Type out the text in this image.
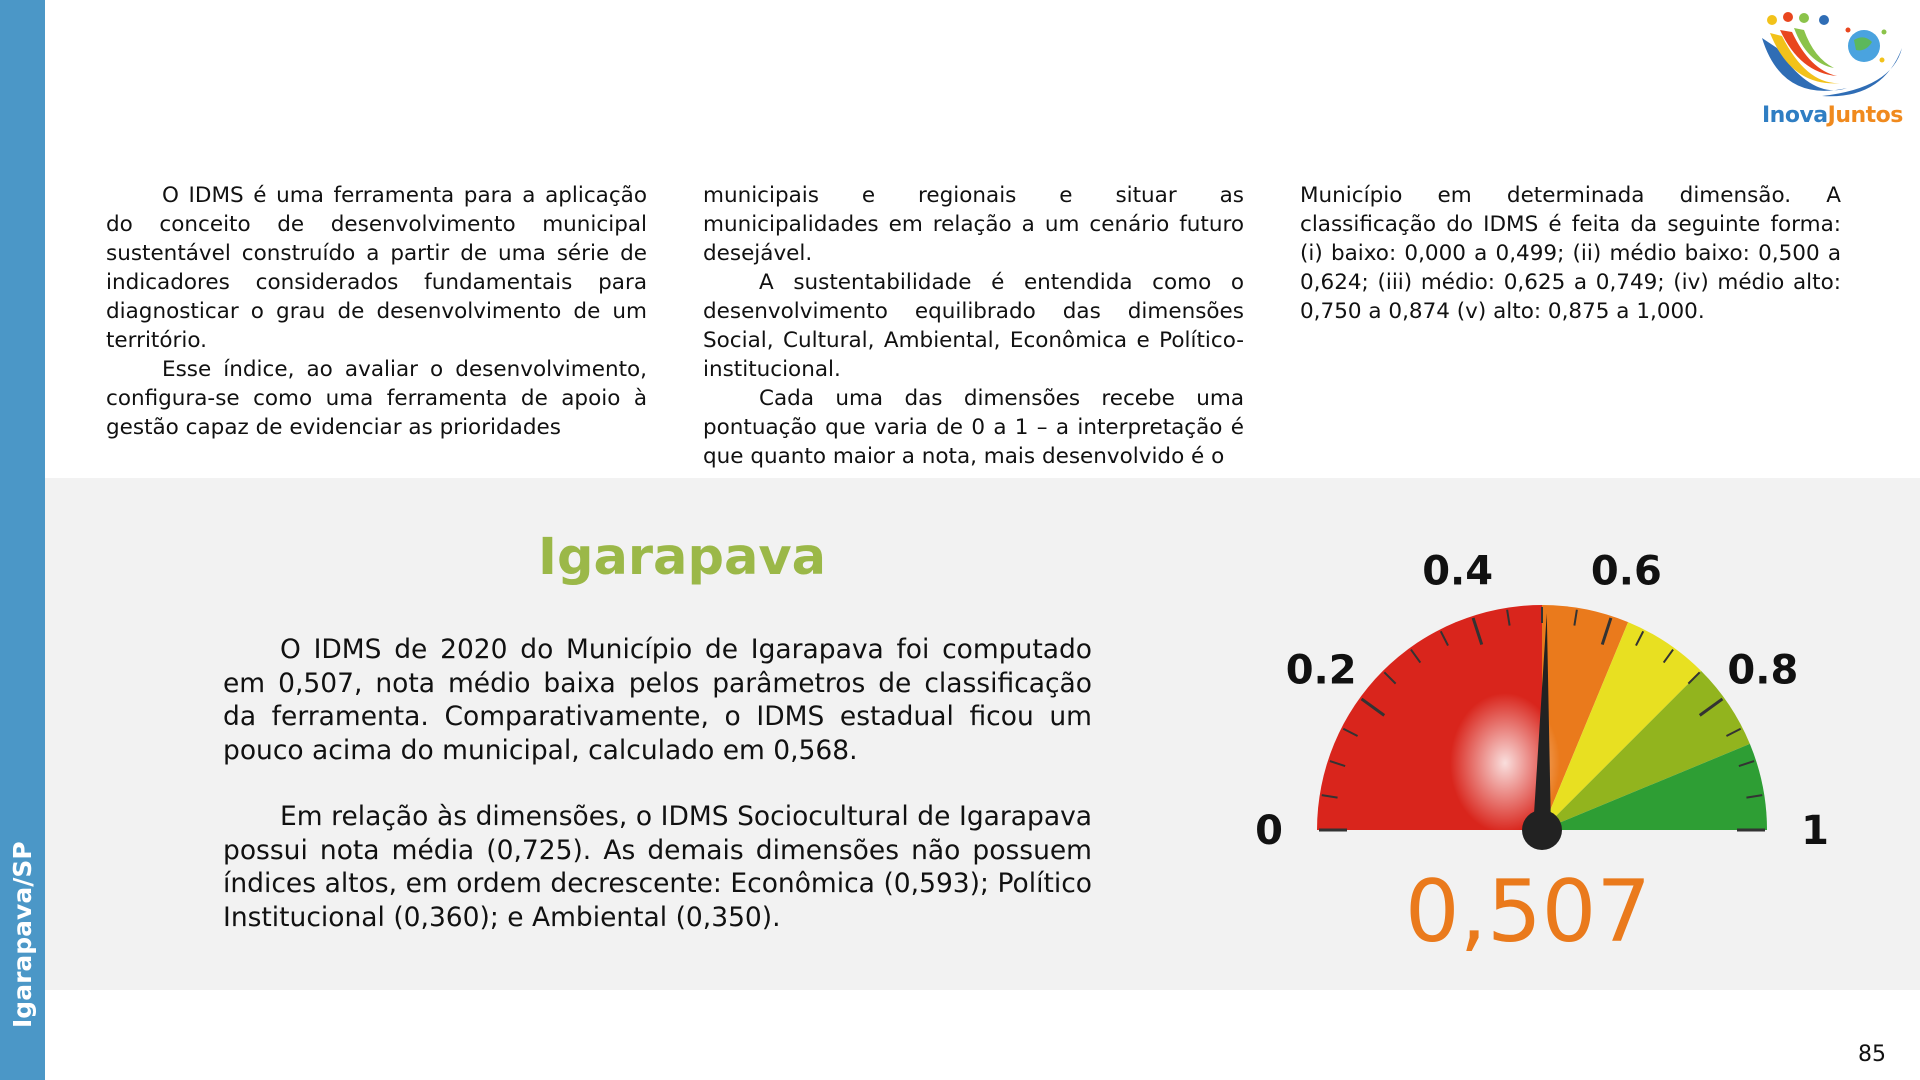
Igarapava/SP
InovaJuntos

O IDMS é uma ferramenta para a aplicação do conceito de desenvolvimento municipal sustentável construído a partir de uma série de indicadores considerados fundamentais para diagnosticar o grau de desenvolvimento de um território.

Esse índice, ao avaliar o desenvolvimento, configura-se como uma ferramenta de apoio à gestão capaz de evidenciar as prioridades

municipais e regionais e situar as municipalidades em relação a um cenário futuro desejável.

A sustentabilidade é entendida como o desenvolvimento equilibrado das dimensões Social, Cultural, Ambiental, Econômica e Político-institucional.

Cada uma das dimensões recebe uma pontuação que varia de 0 a 1 – a interpretação é que quanto maior a nota, mais desenvolvido é o

Município em determinada dimensão. A classificação do IDMS é feita da seguinte forma: (i) baixo: 0,000 a 0,499; (ii) médio baixo: 0,500 a 0,624; (iii) médio: 0,625 a 0,749; (iv) médio alto: 0,750 a 0,874 (v) alto: 0,875 a 1,000.

Igarapava

O IDMS de 2020 do Município de Igarapava foi computado em 0,507, nota médio baixa pelos parâmetros de classificação da ferramenta. Comparativamente, o IDMS estadual ficou um pouco acima do municipal, calculado em 0,568.

Em relação às dimensões, o IDMS Sociocultural de Igarapava possui nota média (0,725). As demais dimensões não possuem índices altos, em ordem decrescente: Econômica (0,593); Político Institucional (0,360); e Ambiental (0,350).

0
0.2
0.4 0.6
0.8
1
0,507
85
